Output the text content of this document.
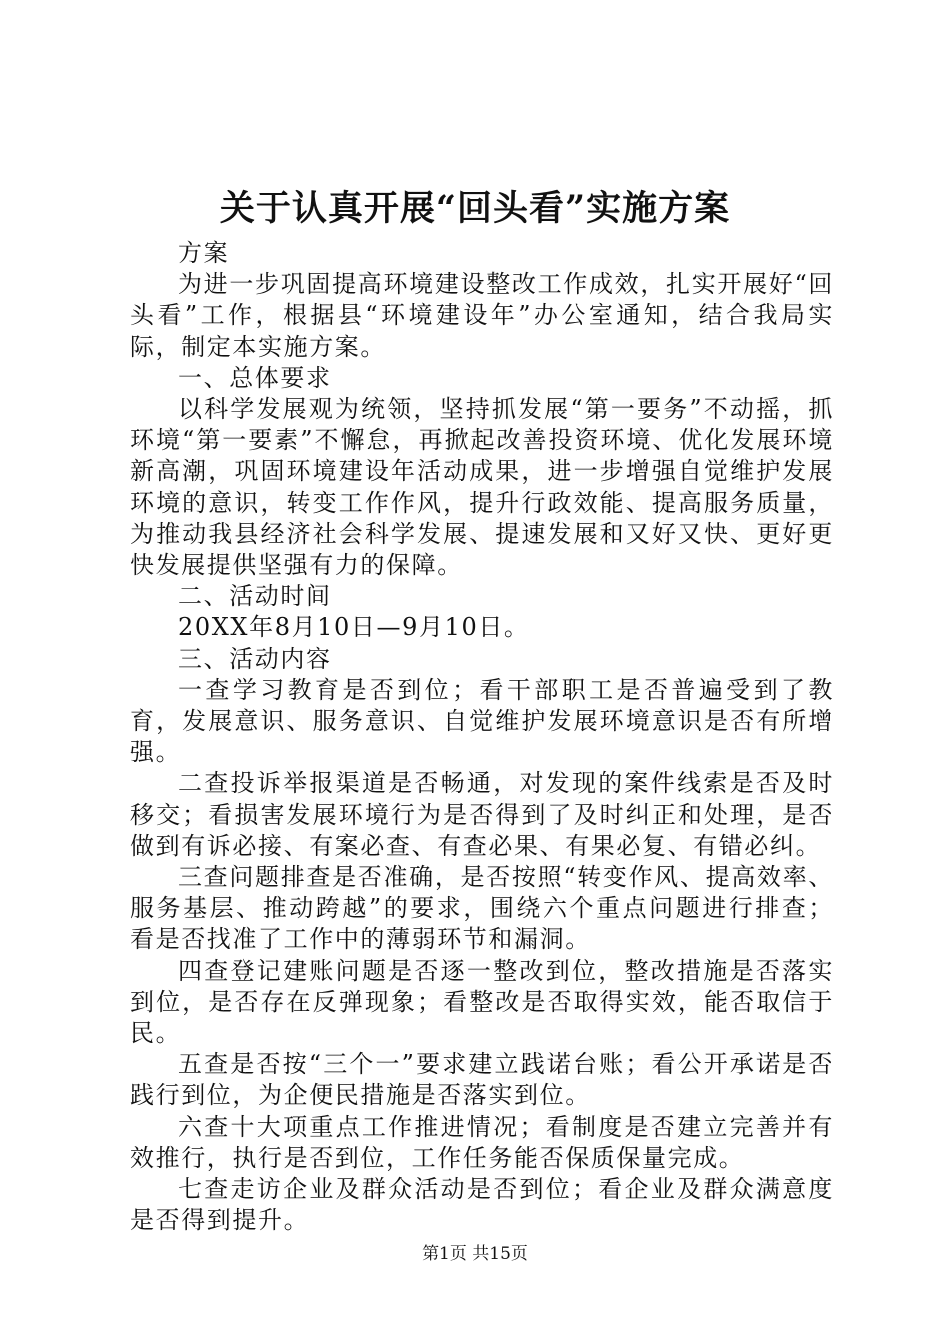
关于认真开展“回头看”实施方案

方案

为进一步巩固提高环境建设整改工作成效，扎实开展好“回头看”工作，根据县“环境建设年”办公室通知，结合我局实际，制定本实施方案。

一、总体要求

以科学发展观为统领，坚持抓发展“第一要务”不动摇，抓环境“第一要素”不懈怠，再掀起改善投资环境、优化发展环境新高潮，巩固环境建设年活动成果，进一步增强自觉维护发展环境的意识，转变工作作风，提升行政效能、提高服务质量，为推动我县经济社会科学发展、提速发展和又好又快、更好更快发展提供坚强有力的保障。

二、活动时间

20XX年8月10日—9月10日。

三、活动内容

一查学习教育是否到位；看干部职工是否普遍受到了教育，发展意识、服务意识、自觉维护发展环境意识是否有所增强。

二查投诉举报渠道是否畅通，对发现的案件线索是否及时移交；看损害发展环境行为是否得到了及时纠正和处理，是否做到有诉必接、有案必查、有查必果、有果必复、有错必纠。

三查问题排查是否准确，是否按照“转变作风、提高效率、服务基层、推动跨越”的要求，围绕六个重点问题进行排查；看是否找准了工作中的薄弱环节和漏洞。

四查登记建账问题是否逐一整改到位，整改措施是否落实到位，是否存在反弹现象；看整改是否取得实效，能否取信于民。

五查是否按“三个一”要求建立践诺台账；看公开承诺是否践行到位，为企便民措施是否落实到位。

六查十大项重点工作推进情况；看制度是否建立完善并有效推行，执行是否到位，工作任务能否保质保量完成。

七查走访企业及群众活动是否到位；看企业及群众满意度是否得到提升。

第1页 共15页
